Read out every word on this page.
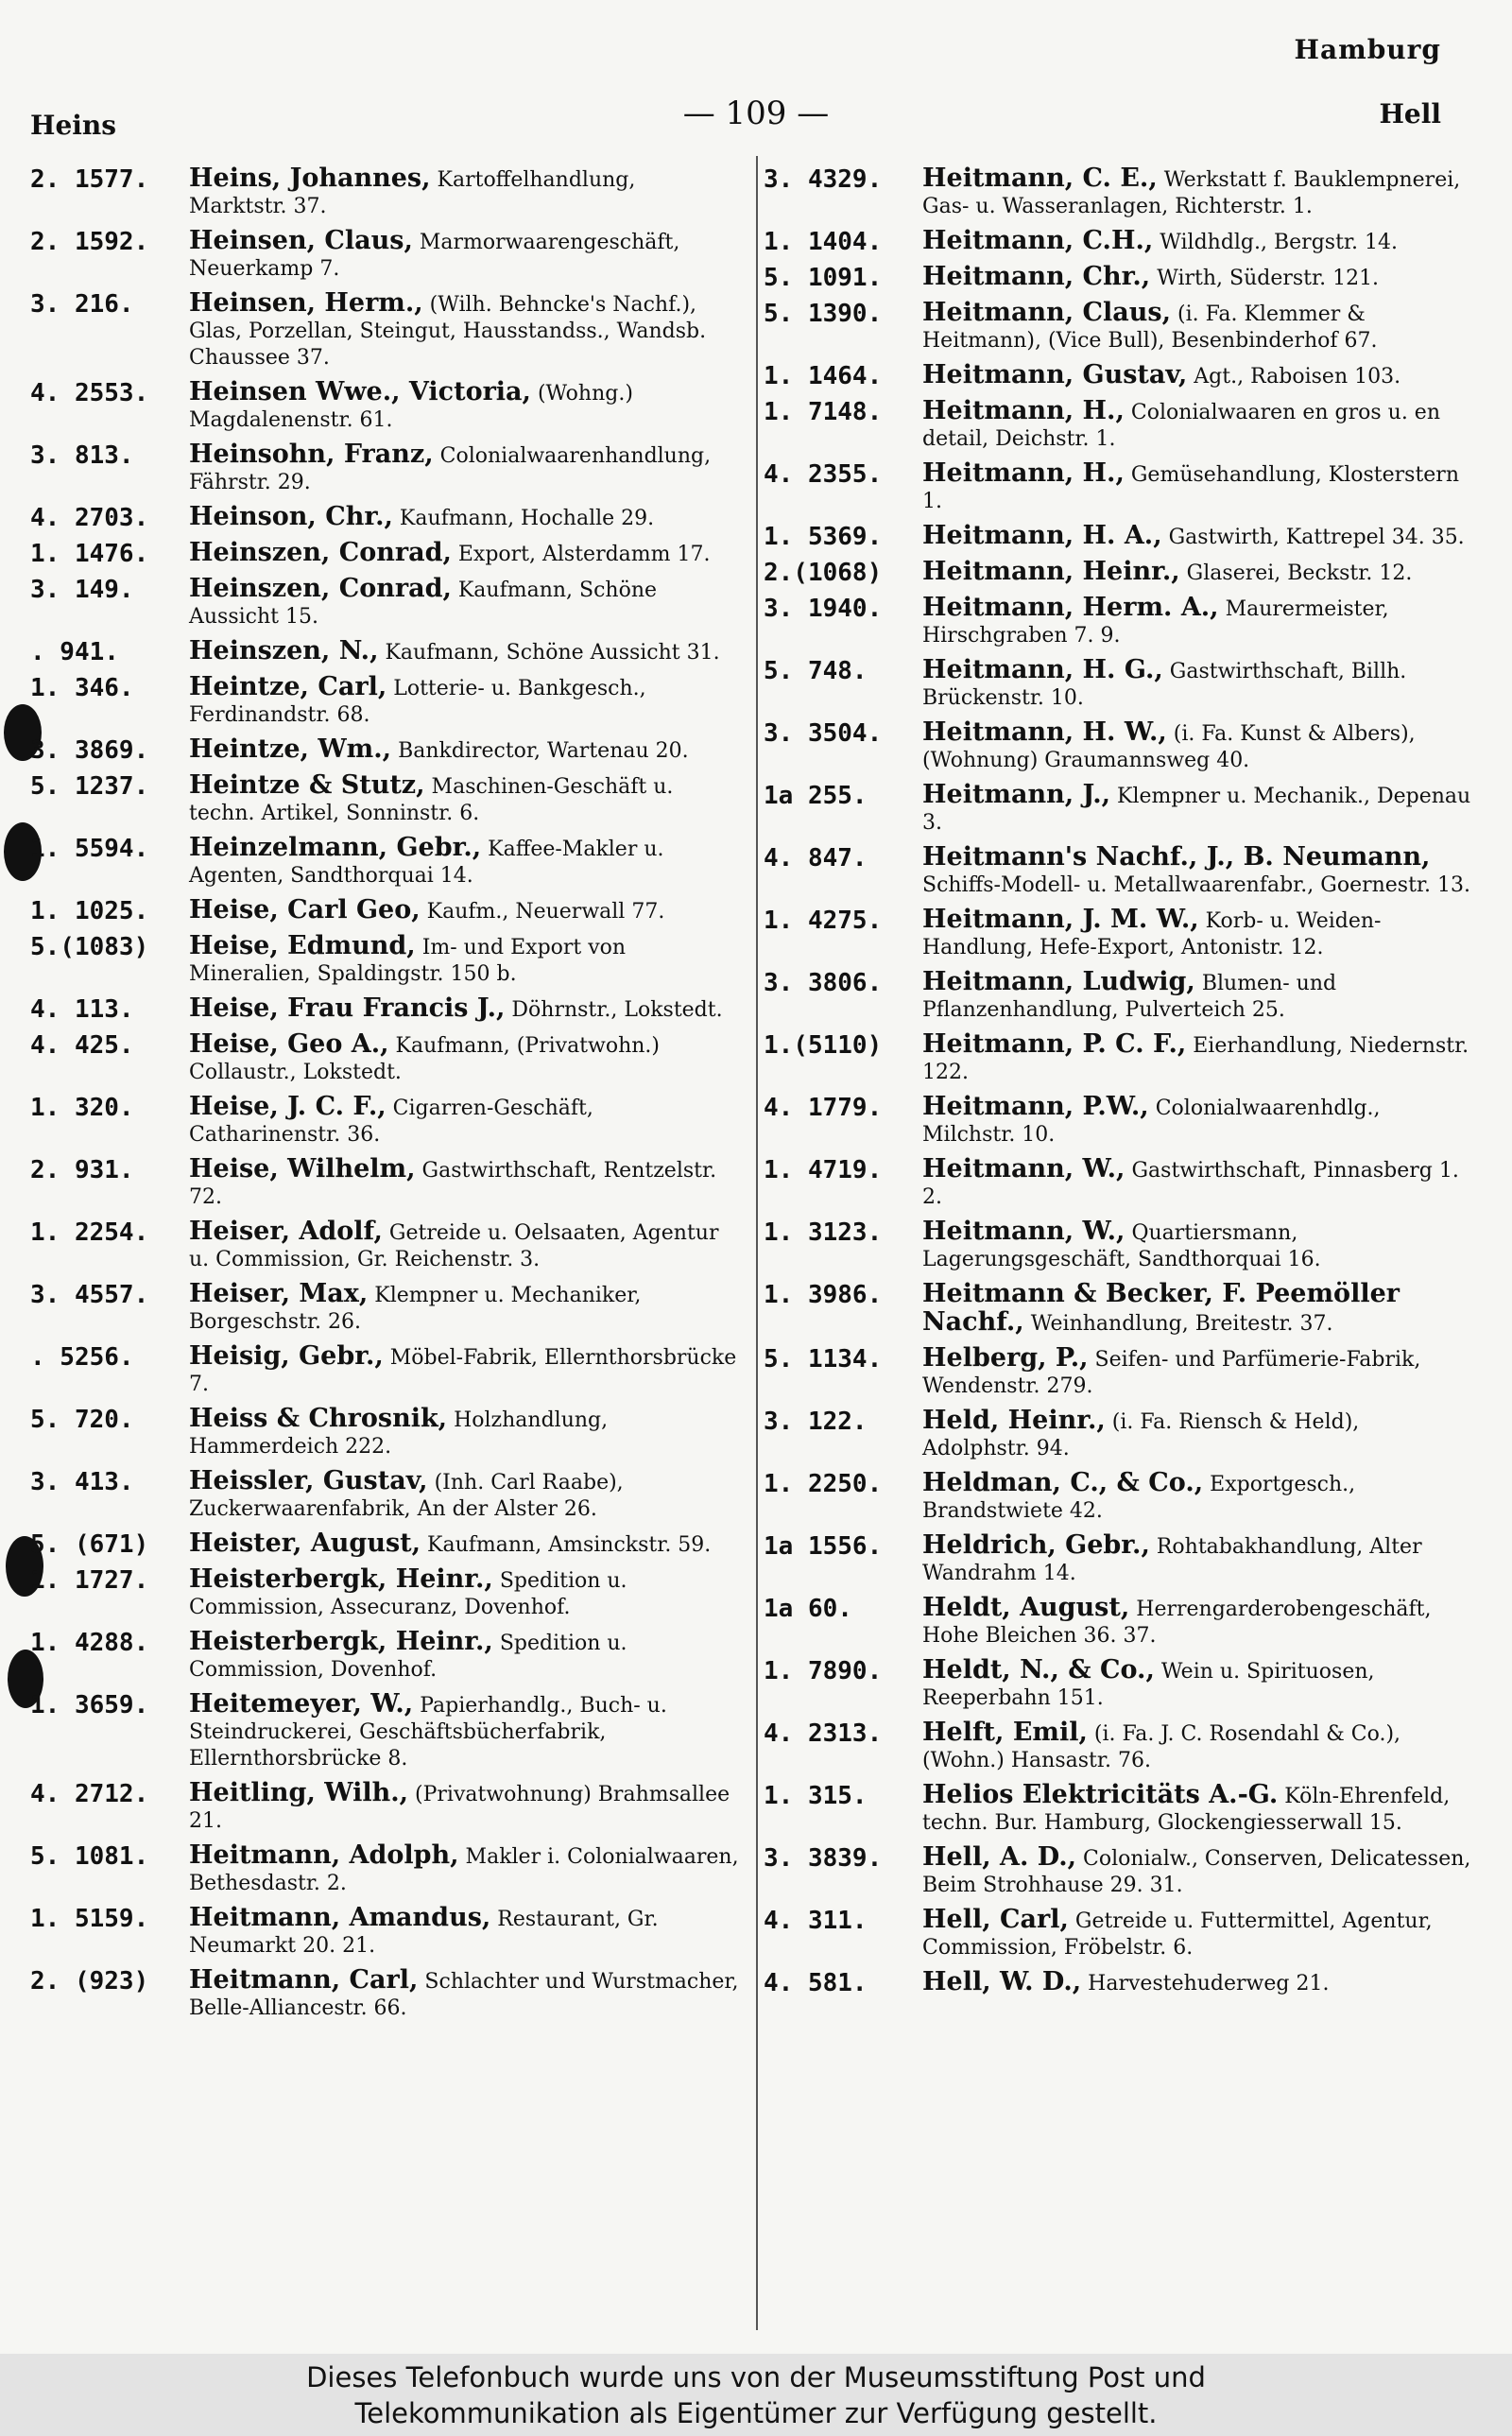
Hamburg
Heins	— 109 —	Hell
2. 1577.	Heins, Johannes, Kartoffelhandlung, Marktstr. 37.
2. 1592.	Heinsen, Claus, Marmorwaarengeschäft, Neuerkamp 7.
3. 216.	Heinsen, Herm., (Wilh. Behncke's Nachf.), Glas, Porzellan, Steingut, Hausstandss., Wandsb. Chaussee 37.
4. 2553.	Heinsen Wwe., Victoria, (Wohng.) Magdalenenstr. 61.
3. 813.	Heinsohn, Franz, Colonialwaarenhandlung, Fährstr. 29.
4. 2703.	Heinson, Chr., Kaufmann, Hochalle 29.
1. 1476.	Heinszen, Conrad, Export, Alsterdamm 17.
3. 149.	Heinszen, Conrad, Kaufmann, Schöne Aussicht 15.
. 941.	Heinszen, N., Kaufmann, Schöne Aussicht 31.
1. 346.	Heintze, Carl, Lotterie- u. Bankgesch., Ferdinandstr. 68.
3. 3869.	Heintze, Wm., Bankdirector, Wartenau 20.
5. 1237.	Heintze & Stutz, Maschinen-Geschäft u. techn. Artikel, Sonninstr. 6.
1. 5594.	Heinzelmann, Gebr., Kaffee-Makler u. Agenten, Sandthorquai 14.
1. 1025.	Heise, Carl Geo, Kaufm., Neuerwall 77.
5.(1083)	Heise, Edmund, Im- und Export von Mineralien, Spaldingstr. 150 b.
4. 113.	Heise, Frau Francis J., Döhrnstr., Lokstedt.
4. 425.	Heise, Geo A., Kaufmann, (Privatwohn.) Collaustr., Lokstedt.
1. 320.	Heise, J. C. F., Cigarren-Geschäft, Catharinenstr. 36.
2. 931.	Heise, Wilhelm, Gastwirthschaft, Rentzelstr. 72.
1. 2254.	Heiser, Adolf, Getreide u. Oelsaaten, Agentur u. Commission, Gr. Reichenstr. 3.
3. 4557.	Heiser, Max, Klempner u. Mechaniker, Borgeschstr. 26.
. 5256.	Heisig, Gebr., Möbel-Fabrik, Ellernthorsbrücke 7.
5. 720.	Heiss & Chrosnik, Holzhandlung, Hammerdeich 222.
3. 413.	Heissler, Gustav, (Inh. Carl Raabe), Zuckerwaarenfabrik, An der Alster 26.
5. (671)	Heister, August, Kaufmann, Amsinckstr. 59.
1. 1727.	Heisterbergk, Heinr., Spedition u. Commission, Assecuranz, Dovenhof.
1. 4288.	Heisterbergk, Heinr., Spedition u. Commission, Dovenhof.
1. 3659.	Heitemeyer, W., Papierhandlg., Buch- u. Steindruckerei, Geschäftsbücherfabrik, Ellernthorsbrücke 8.
4. 2712.	Heitling, Wilh., (Privatwohnung) Brahmsallee 21.
5. 1081.	Heitmann, Adolph, Makler i. Colonialwaaren, Bethesdastr. 2.
1. 5159.	Heitmann, Amandus, Restaurant, Gr. Neumarkt 20. 21.
2. (923)	Heitmann, Carl, Schlachter und Wurstmacher, Belle-Alliancestr. 66.
3. 4329.	Heitmann, C. E., Werkstatt f. Bauklempnerei, Gas- u. Wasseranlagen, Richterstr. 1.
1. 1404.	Heitmann, C.H., Wildhdlg., Bergstr. 14.
5. 1091.	Heitmann, Chr., Wirth, Süderstr. 121.
5. 1390.	Heitmann, Claus, (i. Fa. Klemmer & Heitmann), (Vice Bull), Besenbinderhof 67.
1. 1464.	Heitmann, Gustav, Agt., Raboisen 103.
1. 7148.	Heitmann, H., Colonialwaaren en gros u. en detail, Deichstr. 1.
4. 2355.	Heitmann, H., Gemüsehandlung, Klosterstern 1.
1. 5369.	Heitmann, H. A., Gastwirth, Kattrepel 34. 35.
2.(1068)	Heitmann, Heinr., Glaserei, Beckstr. 12.
3. 1940.	Heitmann, Herm. A., Maurermeister, Hirschgraben 7. 9.
5. 748.	Heitmann, H. G., Gastwirthschaft, Billh. Brückenstr. 10.
3. 3504.	Heitmann, H. W., (i. Fa. Kunst & Albers), (Wohnung) Graumannsweg 40.
1a 255.	Heitmann, J., Klempner u. Mechanik., Depenau 3.
4. 847.	Heitmann's Nachf., J., B. Neumann, Schiffs-Modell- u. Metallwaarenfabr., Goernestr. 13.
1. 4275.	Heitmann, J. M. W., Korb- u. Weiden-Handlung, Hefe-Export, Antonistr. 12.
3. 3806.	Heitmann, Ludwig, Blumen- und Pflanzenhandlung, Pulverteich 25.
1.(5110)	Heitmann, P. C. F., Eierhandlung, Niedernstr. 122.
4. 1779.	Heitmann, P.W., Colonialwaarenhdlg., Milchstr. 10.
1. 4719.	Heitmann, W., Gastwirthschaft, Pinnasberg 1. 2.
1. 3123.	Heitmann, W., Quartiersmann, Lagerungsgeschäft, Sandthorquai 16.
1. 3986.	Heitmann & Becker, F. Peemöller Nachf., Weinhandlung, Breitestr. 37.
5. 1134.	Helberg, P., Seifen- und Parfümerie-Fabrik, Wendenstr. 279.
3. 122.	Held, Heinr., (i. Fa. Riensch & Held), Adolphstr. 94.
1. 2250.	Heldman, C., & Co., Exportgesch., Brandstwiete 42.
1a 1556.	Heldrich, Gebr., Rohtabakhandlung, Alter Wandrahm 14.
1a 60.	Heldt, August, Herrengarderobengeschäft, Hohe Bleichen 36. 37.
1. 7890.	Heldt, N., & Co., Wein u. Spirituosen, Reeperbahn 151.
4. 2313.	Helft, Emil, (i. Fa. J. C. Rosendahl & Co.), (Wohn.) Hansastr. 76.
1. 315.	Helios Elektricitäts A.-G. Köln-Ehrenfeld, techn. Bur. Hamburg, Glockengiesserwall 15.
3. 3839.	Hell, A. D., Colonialw., Conserven, Delicatessen, Beim Strohhause 29. 31.
4. 311.	Hell, Carl, Getreide u. Futtermittel, Agentur, Commission, Fröbelstr. 6.
4. 581.	Hell, W. D., Harvestehuderweg 21.
Dieses Telefonbuch wurde uns von der Museumsstiftung Post und
Telekommunikation als Eigentümer zur Verfügung gestellt.
